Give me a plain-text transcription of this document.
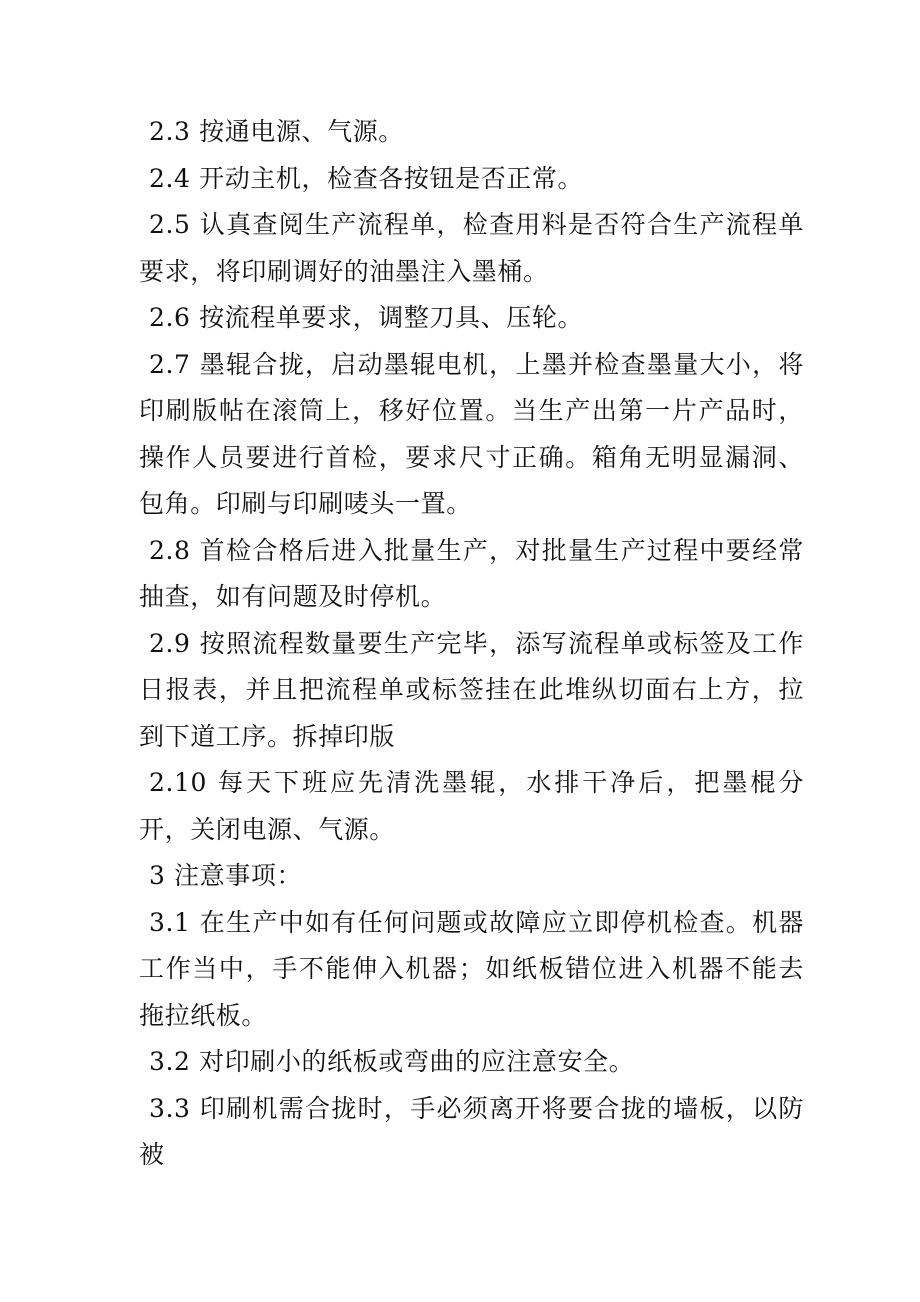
2.3 按通电源、气源。

2.4 开动主机，检查各按钮是否正常。

2.5 认真查阅生产流程单，检查用料是否符合生产流程单要求，将印刷调好的油墨注入墨桶。

2.6 按流程单要求，调整刀具、压轮。

2.7 墨辊合拢，启动墨辊电机，上墨并检查墨量大小，将印刷版帖在滚筒上，移好位置。当生产出第一片产品时，操作人员要进行首检，要求尺寸正确。箱角无明显漏洞、包角。印刷与印刷唛头一置。

2.8 首检合格后进入批量生产，对批量生产过程中要经常抽查，如有问题及时停机。

2.9 按照流程数量要生产完毕，添写流程单或标签及工作日报表，并且把流程单或标签挂在此堆纵切面右上方，拉到下道工序。拆掉印版

2.10 每天下班应先清洗墨辊，水排干净后，把墨棍分开，关闭电源、气源。

3 注意事项：

3.1 在生产中如有任何问题或故障应立即停机检查。机器工作当中，手不能伸入机器；如纸板错位进入机器不能去拖拉纸板。

3.2 对印刷小的纸板或弯曲的应注意安全。

3.3 印刷机需合拢时，手必须离开将要合拢的墙板，以防被
